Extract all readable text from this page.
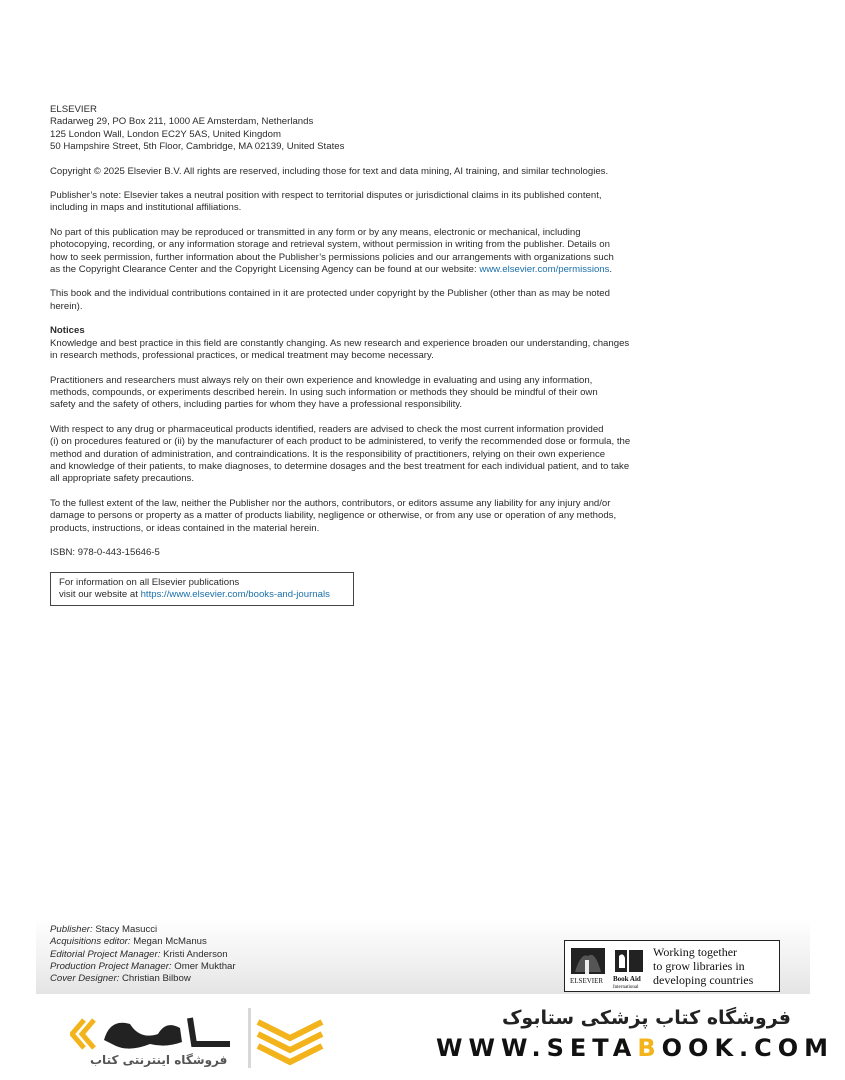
ELSEVIER
Radarweg 29, PO Box 211, 1000 AE Amsterdam, Netherlands
125 London Wall, London EC2Y 5AS, United Kingdom
50 Hampshire Street, 5th Floor, Cambridge, MA 02139, United States
Copyright © 2025 Elsevier B.V. All rights are reserved, including those for text and data mining, AI training, and similar technologies.
Publisher’s note: Elsevier takes a neutral position with respect to territorial disputes or jurisdictional claims in its published content,
including in maps and institutional affiliations.
No part of this publication may be reproduced or transmitted in any form or by any means, electronic or mechanical, including
photocopying, recording, or any information storage and retrieval system, without permission in writing from the publisher. Details on
how to seek permission, further information about the Publisher’s permissions policies and our arrangements with organizations such
as the Copyright Clearance Center and the Copyright Licensing Agency can be found at our website: www.elsevier.com/permissions.
This book and the individual contributions contained in it are protected under copyright by the Publisher (other than as may be noted
herein).
Notices
Knowledge and best practice in this field are constantly changing. As new research and experience broaden our understanding, changes
in research methods, professional practices, or medical treatment may become necessary.
Practitioners and researchers must always rely on their own experience and knowledge in evaluating and using any information,
methods, compounds, or experiments described herein. In using such information or methods they should be mindful of their own
safety and the safety of others, including parties for whom they have a professional responsibility.
With respect to any drug or pharmaceutical products identified, readers are advised to check the most current information provided
(i) on procedures featured or (ii) by the manufacturer of each product to be administered, to verify the recommended dose or formula, the
method and duration of administration, and contraindications. It is the responsibility of practitioners, relying on their own experience
and knowledge of their patients, to make diagnoses, to determine dosages and the best treatment for each individual patient, and to take
all appropriate safety precautions.
To the fullest extent of the law, neither the Publisher nor the authors, contributors, or editors assume any liability for any injury and/or
damage to persons or property as a matter of products liability, negligence or otherwise, or from any use or operation of any methods,
products, instructions, or ideas contained in the material herein.
ISBN: 978-0-443-15646-5
For information on all Elsevier publications
visit our website at https://www.elsevier.com/books-and-journals
Publisher: Stacy Masucci
Acquisitions editor: Megan McManus
Editorial Project Manager: Kristi Anderson
Production Project Manager: Omer Mukthar
Cover Designer: Christian Bilbow	ELSEVIER Book Aid
International
Working together
to grow libraries in
developing countries
فروشگاه اینترنتی کتاب
فروشگاه کتاب پزشکی ستابوک
WWW.SETABOOK.COM
